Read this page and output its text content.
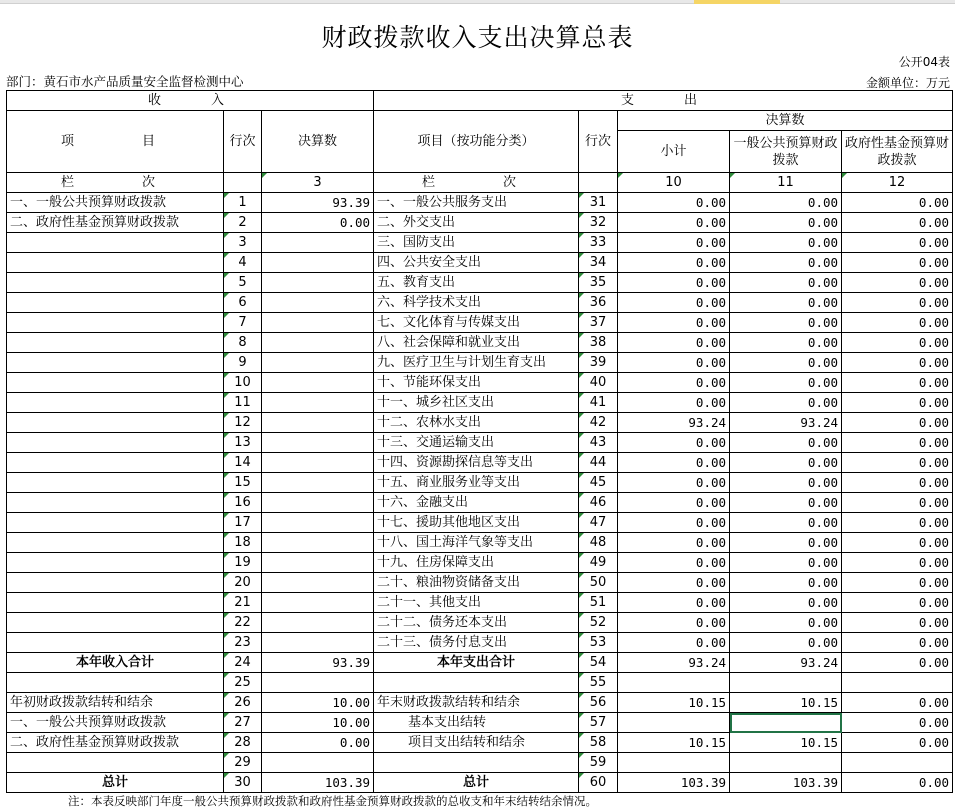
财政拨款收入支出决算总表
公开04表
部门：黄石市水产品质量安全监督检测中心	金额单位：万元
收　　入			支　　出				
项　　目	行次	决算数	项目（按功能分类）	行次	决算数		
					小计	一般公共预算财政拨款	政府性基金预算财政拨款

栏　　次		3	栏　　次		10	11	12
一、一般公共预算财政拨款	1	93.39	一、一般公共服务支出	31	0.00	0.00	0.00
二、政府性基金预算财政拨款	2	0.00	二、外交支出	32	0.00	0.00	0.00
	3		三、国防支出	33	0.00	0.00	0.00
	4		四、公共安全支出	34	0.00	0.00	0.00
	5		五、教育支出	35	0.00	0.00	0.00
	6		六、科学技术支出	36	0.00	0.00	0.00
	7		七、文化体育与传媒支出	37	0.00	0.00	0.00
	8		八、社会保障和就业支出	38	0.00	0.00	0.00
	9		九、医疗卫生与计划生育支出	39	0.00	0.00	0.00
	10		十、节能环保支出	40	0.00	0.00	0.00
	11		十一、城乡社区支出	41	0.00	0.00	0.00
	12		十二、农林水支出	42	93.24	93.24	0.00
	13		十三、交通运输支出	43	0.00	0.00	0.00
	14		十四、资源勘探信息等支出	44	0.00	0.00	0.00
	15		十五、商业服务业等支出	45	0.00	0.00	0.00
	16		十六、金融支出	46	0.00	0.00	0.00
	17		十七、援助其他地区支出	47	0.00	0.00	0.00
	18		十八、国土海洋气象等支出	48	0.00	0.00	0.00
	19		十九、住房保障支出	49	0.00	0.00	0.00
	20		二十、粮油物资储备支出	50	0.00	0.00	0.00
	21		二十一、其他支出	51	0.00	0.00	0.00
	22		二十二、债务还本支出	52	0.00	0.00	0.00
	23		二十三、债务付息支出	53	0.00	0.00	0.00
本年收入合计	24	93.39	本年支出合计	54	93.24	93.24	0.00
	25			55			
年初财政拨款结转和结余	26	10.00	年末财政拨款结转和结余	56	10.15	10.15	0.00
一、一般公共预算财政拨款	27	10.00	基本支出结转	57			0.00
二、政府性基金预算财政拨款	28	0.00	项目支出结转和结余	58	10.15	10.15	0.00
	29			59			
总计	30	103.39	总计	60	103.39	103.39	0.00
注：本表反映部门年度一般公共预算财政拨款和政府性基金预算财政拨款的总收支和年末结转结余情况。
